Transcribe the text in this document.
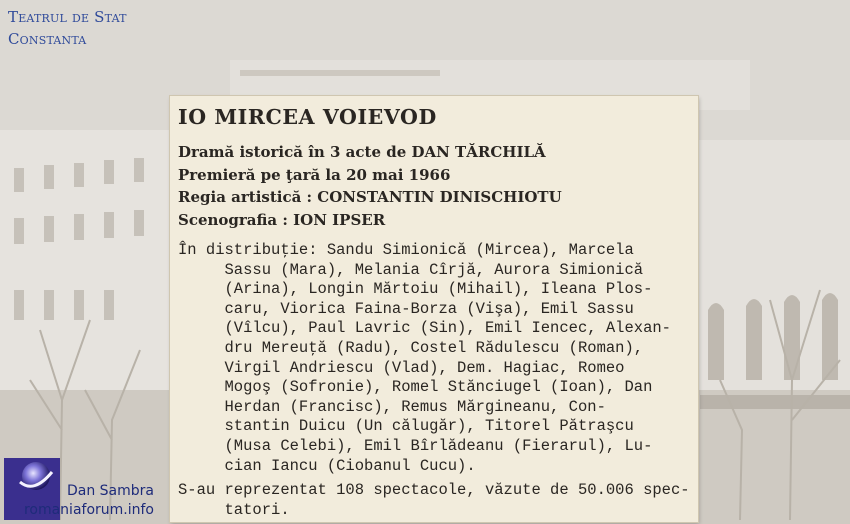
Teatrul de Stat
Constanta
IO MIRCEA VOIEVOD
Dramă istorică în 3 acte de DAN TĂRCHILĂ
Premieră pe ţară la 20 mai 1966
Regia artistică : CONSTANTIN DINISCHIOTU
Scenografia : ION IPSER
În distribuţie: Sandu Simionică (Mircea), Marcela
Sassu (Mara), Melania Cîrjă, Aurora Simionică
(Arina), Longin Mărtoiu (Mihail), Ileana Plos-
caru, Viorica Faina-Borza (Vişa), Emil Sassu
(Vîlcu), Paul Lavric (Sin), Emil Iencec, Alexan-
dru Mereuţă (Radu), Costel Rădulescu (Roman),
Virgil Andriescu (Vlad), Dem. Hagiac, Romeo
Mogoş (Sofronie), Romel Stănciugel (Ioan), Dan
Herdan (Francisc), Remus Mărgineanu, Con-
stantin Duicu (Un călugăr), Titorel Pătraşcu
(Musa Celebi), Emil Bîrlădeanu (Fierarul), Lu-
cian Iancu (Ciobanul Cucu).
S-au reprezentat 108 spectacole, văzute de 50.006 spec-
tatori.
Dan Sambra
romaniaforum.info
